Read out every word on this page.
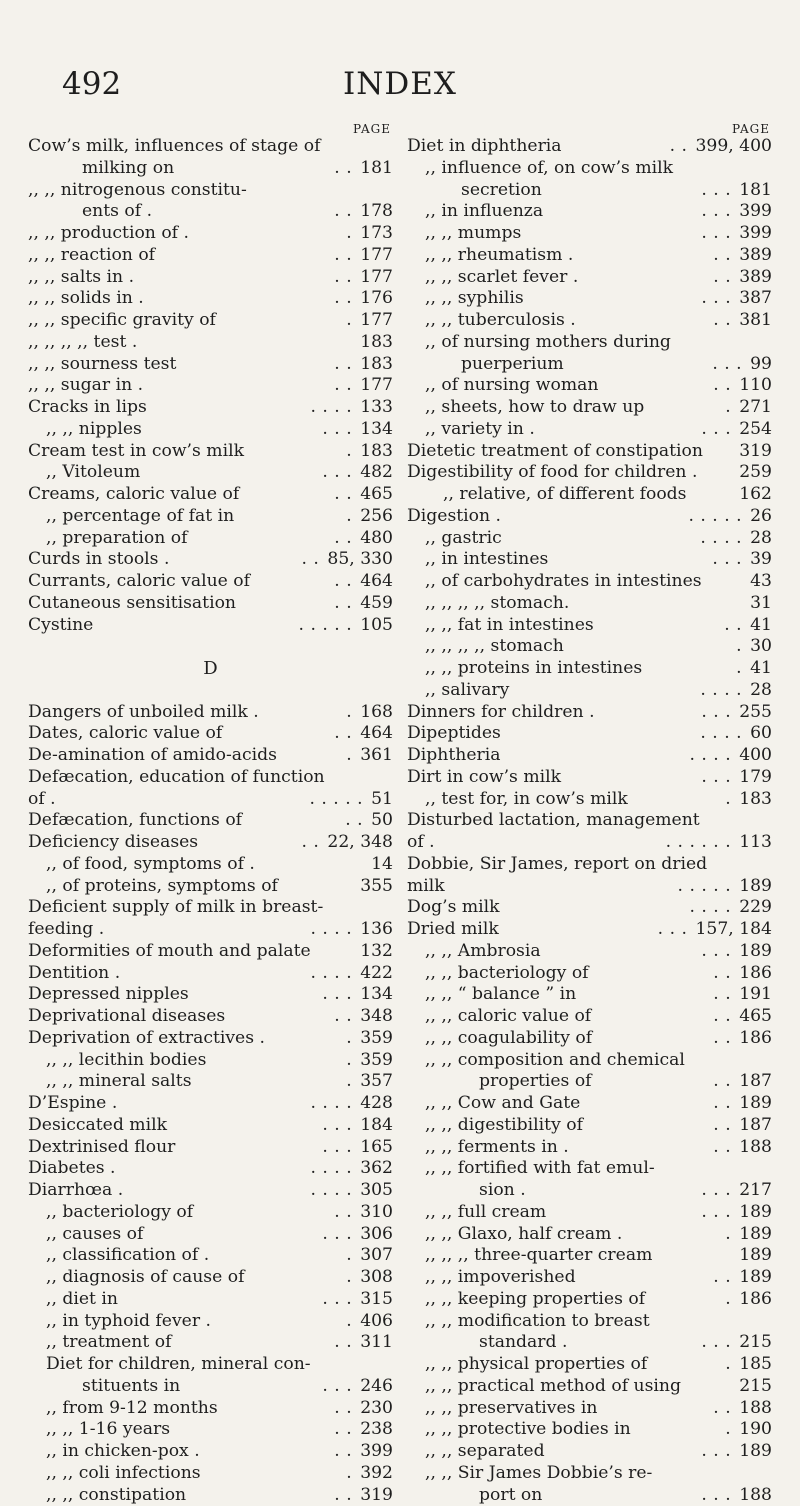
492	INDEX
PAGE
Cow’s milk, influences of stage of
milking on	. . 181
,, ,, nitrogenous constitu-
ents of .	. . 178
,, ,, production of .	. 173
,, ,, reaction of	. . 177
,, ,, salts in .	. . 177
,, ,, solids in .	. . 176
,, ,, specific gravity of	. 177
,, ,, ,, ,, test .	183
,, ,, sourness test	. . 183
,, ,, sugar in .	. . 177
Cracks in lips	. . . . 133
,, ,, nipples	. . . 134
Cream test in cow’s milk	. 183
,, Vitoleum	. . . 482
Creams, caloric value of	. . 465
,, percentage of fat in	. 256
,, preparation of	. . 480
Curds in stools .	. . 85, 330
Currants, caloric value of	. . 464
Cutaneous sensitisation	. . 459
Cystine	. . . . . 105
D
Dangers of unboiled milk .	. 168
Dates, caloric value of	. . 464
De-amination of amido-acids	. 361
Defæcation, education of function
of .	. . . . . 51
Defæcation, functions of	. . 50
Deficiency diseases	. . 22, 348
,, of food, symptoms of .	14
,, of proteins, symptoms of	355
Deficient supply of milk in breast-
feeding .	. . . . 136
Deformities of mouth and palate	132
Dentition .	. . . . 422
Depressed nipples	. . . 134
Deprivational diseases	. . 348
Deprivation of extractives .	. 359
,, ,, lecithin bodies	. 359
,, ,, mineral salts	. 357
D’Espine .	. . . . 428
Desiccated milk	. . . 184
Dextrinised flour	. . . 165
Diabetes .	. . . . 362
Diarrhœa .	. . . . 305
,, bacteriology of	. . 310
,, causes of	. . . 306
,, classification of .	. 307
,, diagnosis of cause of	. 308
,, diet in	. . . 315
,, in typhoid fever .	. 406
,, treatment of	. . 311
Diet for children, mineral con-
stituents in	. . . 246
,, from 9-12 months	. . 230
,, ,, 1-16 years	. . 238
,, in chicken-pox .	. . 399
,, ,, coli infections	. 392
,, ,, constipation	. . 319
PAGE
Diet in diphtheria	. . 399, 400
,, influence of, on cow’s milk
secretion	. . . 181
,, in influenza	. . . 399
,, ,, mumps	. . . 399
,, ,, rheumatism .	. . 389
,, ,, scarlet fever .	. . 389
,, ,, syphilis	. . . 387
,, ,, tuberculosis .	. . 381
,, of nursing mothers during
puerperium	. . . 99
,, of nursing woman	. . 110
,, sheets, how to draw up	. 271
,, variety in .	. . . 254
Dietetic treatment of constipation 319
Digestibility of food for children . 259
,, relative, of different foods	162
Digestion .	. . . . . 26
,, gastric	. . . . 28
,, in intestines	. . . 39
,, of carbohydrates in intestines	43
,, ,, ,, ,, stomach.	31
,, ,, fat in intestines	. . 41
,, ,, ,, ,, stomach	. 30
,, ,, proteins in intestines	. 41
,, salivary	. . . . 28
Dinners for children .	. . . 255
Dipeptides	. . . . 60
Diphtheria	. . . . 400
Dirt in cow’s milk	. . . 179
,, test for, in cow’s milk	. 183
Disturbed lactation, management
of .	. . . . . . 113
Dobbie, Sir James, report on dried
milk	. . . . . 189
Dog’s milk	. . . . 229
Dried milk	. . . 157, 184
,, ,, Ambrosia	. . . 189
,, ,, bacteriology of	. . 186
,, ,, “ balance ” in	. . 191
,, ,, caloric value of	. . 465
,, ,, coagulability of	. . 186
,, ,, composition and chemical
properties of	. . 187
,, ,, Cow and Gate	. . 189
,, ,, digestibility of	. . 187
,, ,, ferments in .	. . 188
,, ,, fortified with fat emul-
sion .	. . . 217
,, ,, full cream	. . . 189
,, ,, Glaxo, half cream .	. 189
,, ,, ,, three-quarter cream	189
,, ,, impoverished	. . 189
,, ,, keeping properties of	. 186
,, ,, modification to breast
standard .	. . . 215
,, ,, physical properties of	. 185
,, ,, practical method of using	215
,, ,, preservatives in	. . 188
,, ,, protective bodies in	. 190
,, ,, separated	. . . 189
,, ,, Sir James Dobbie’s re-
port on	. . . 188
